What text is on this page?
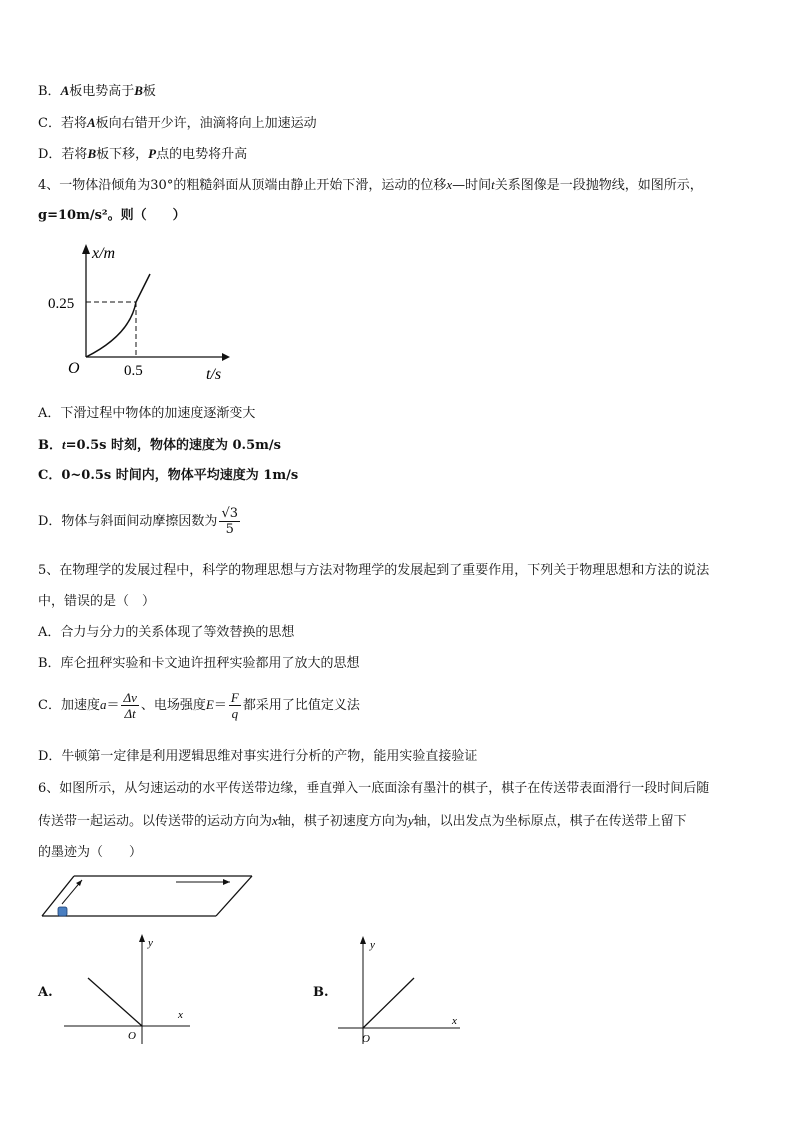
B．A板电势高于B板
C．若将A板向右错开少许，油滴将向上加速运动
D．若将B板下移，P点的电势将升高
4、一物体沿倾角为30°的粗糙斜面从顶端由静止开始下滑，运动的位移x—时间t关系图像是一段抛物线，如图所示，
g=10m/s²。则（　　）
x/m
0.25
O	0.5	t/s
A．下滑过程中物体的加速度逐渐变大
B．t=0.5s 时刻，物体的速度为 0.5m/s
C．0~0.5s 时间内，物体平均速度为 1m/s
D．物体与斜面间动摩擦因数为 $\frac{√3}{5}$
5、在物理学的发展过程中，科学的物理思想与方法对物理学的发展起到了重要作用，下列关于物理思想和方法的说法
中，错误的是（　）
A．合力与分力的关系体现了等效替换的思想
B．库仑扭秤实验和卡文迪许扭秤实验都用了放大的思想
C．加速度$a= \frac{\Delta v}{\Delta t}$ 、电场强度$E= \frac{F}{q}$ 都采用了比值定义法
D．牛顿第一定律是利用逻辑思维对事实进行分析的产物，能用实验直接验证
6、如图所示，从匀速运动的水平传送带边缘，垂直弹入一底面涂有墨汁的棋子，棋子在传送带表面滑行一段时间后随
传送带一起运动。以传送带的运动方向为x轴，棋子初速度方向为y轴，以出发点为坐标原点，棋子在传送带上留下
的墨迹为（　　）
A.
y
x
O
B.
y
x
O
